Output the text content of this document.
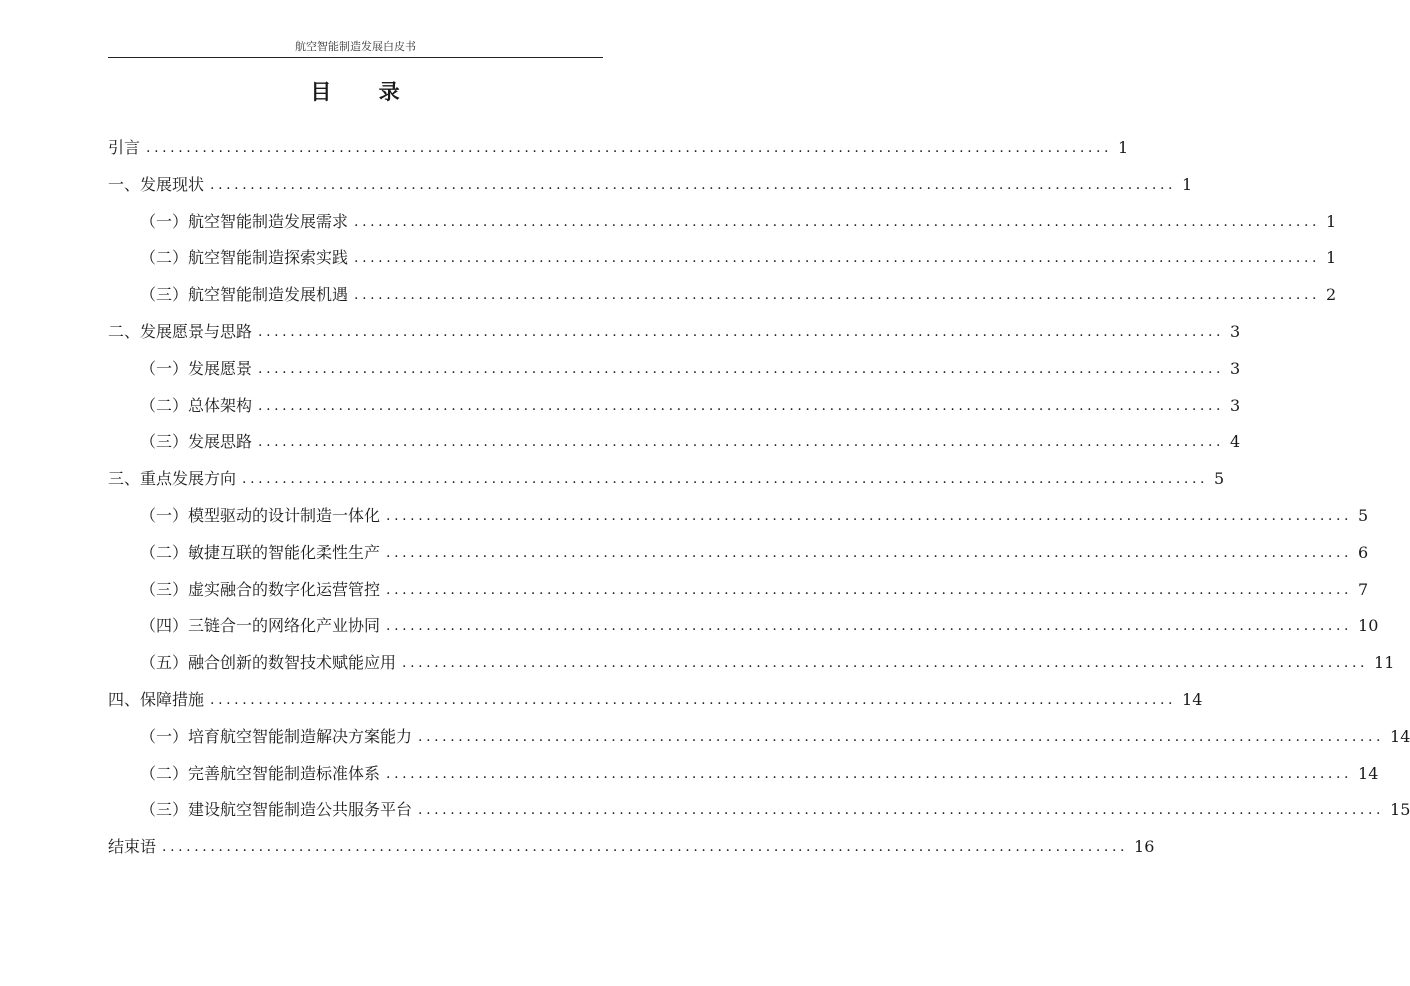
航空智能制造发展白皮书
目 录
引言 ........................................................................................................................ 1
一、发展现状 ........................................................................................................................ 1
（一）航空智能制造发展需求 ........................................................................................................................ 1
（二）航空智能制造探索实践 ........................................................................................................................ 1
（三）航空智能制造发展机遇 ........................................................................................................................ 2
二、发展愿景与思路 ........................................................................................................................ 3
（一）发展愿景 ........................................................................................................................ 3
（二）总体架构 ........................................................................................................................ 3
（三）发展思路 ........................................................................................................................ 4
三、重点发展方向 ........................................................................................................................ 5
（一）模型驱动的设计制造一体化 ........................................................................................................................ 5
（二）敏捷互联的智能化柔性生产 ........................................................................................................................ 6
（三）虚实融合的数字化运营管控 ........................................................................................................................ 7
（四）三链合一的网络化产业协同 ........................................................................................................................ 10
（五）融合创新的数智技术赋能应用 ........................................................................................................................ 11
四、保障措施 ........................................................................................................................ 14
（一）培育航空智能制造解决方案能力 ........................................................................................................................ 14
（二）完善航空智能制造标准体系 ........................................................................................................................ 14
（三）建设航空智能制造公共服务平台 ........................................................................................................................ 15
结束语 ........................................................................................................................ 16
